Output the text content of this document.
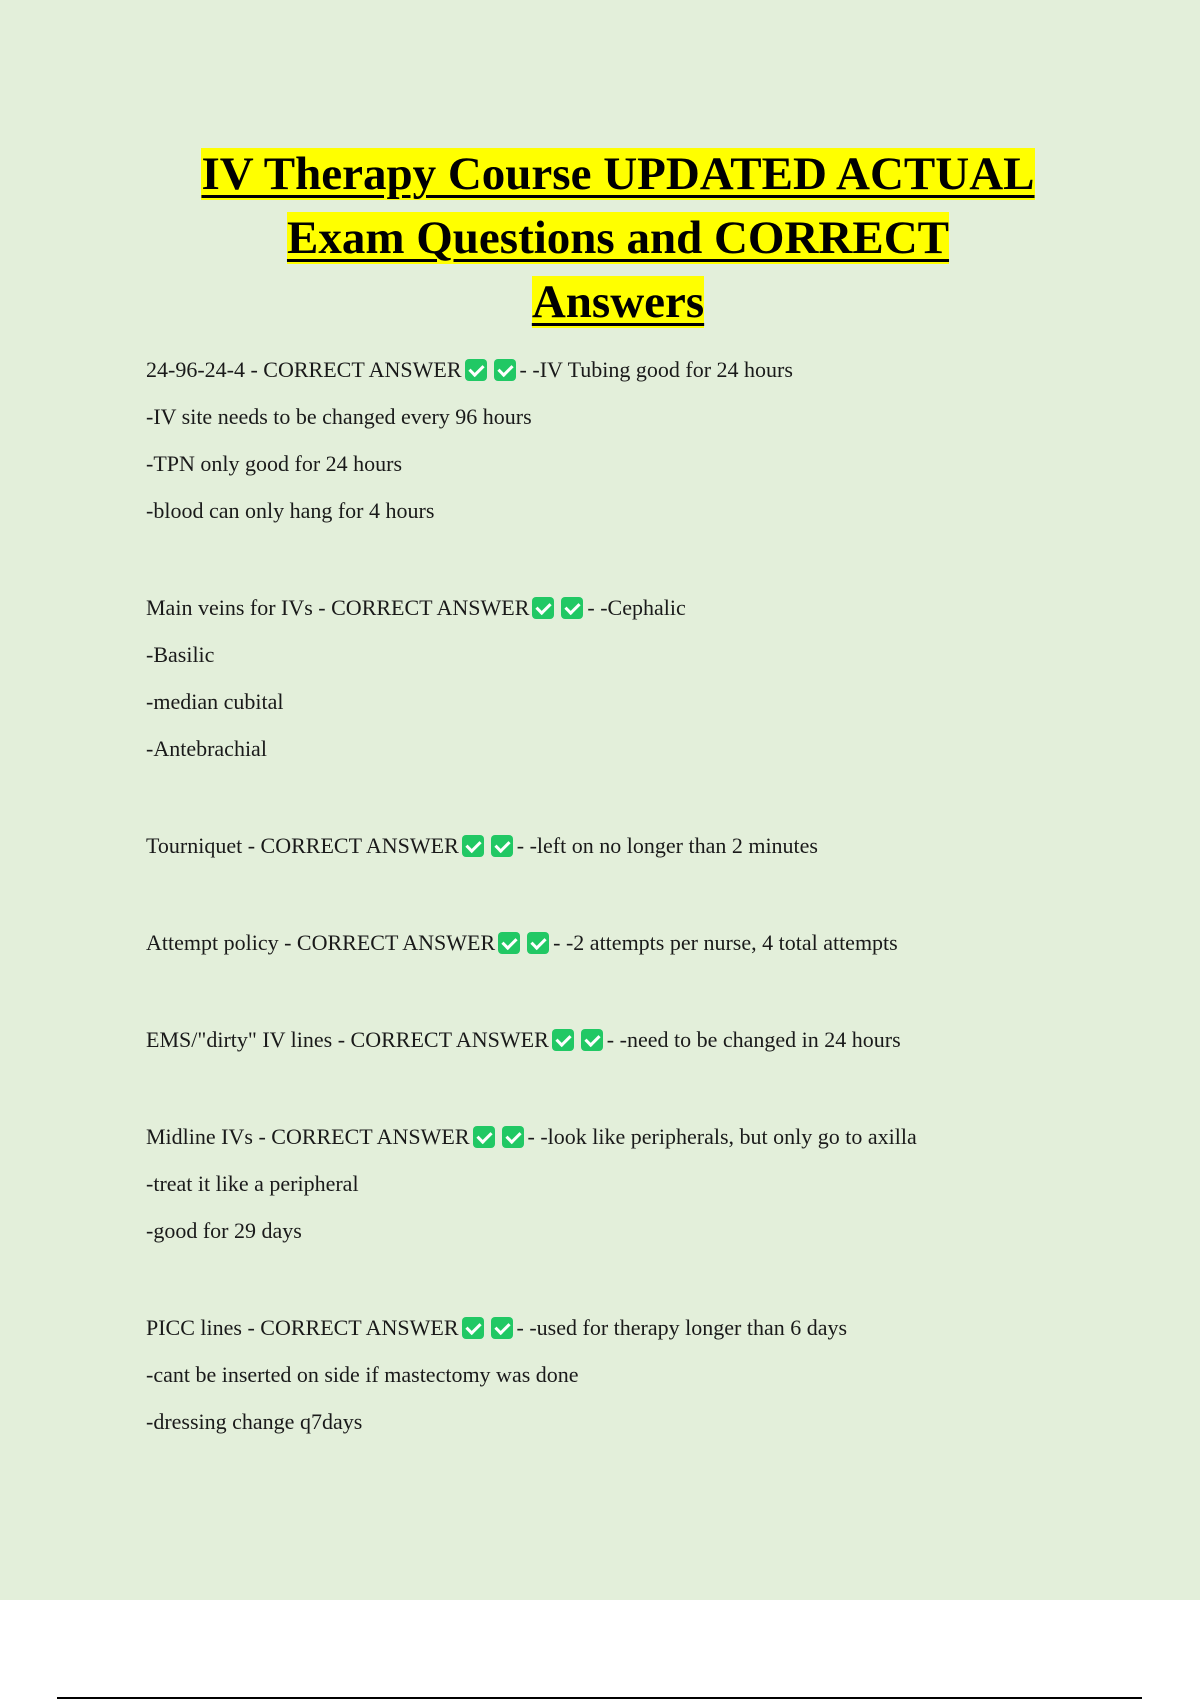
IV Therapy Course UPDATED ACTUAL
Exam Questions and CORRECT
Answers
24-96-24-4 - CORRECT ANSWER	- -IV Tubing good for 24 hours
-IV site needs to be changed every 96 hours
-TPN only good for 24 hours
-blood can only hang for 4 hours
Main veins for IVs - CORRECT ANSWER	- -Cephalic
-Basilic
-median cubital
-Antebrachial
Tourniquet - CORRECT ANSWER	- -left on no longer than 2 minutes
Attempt policy - CORRECT ANSWER	- -2 attempts per nurse, 4 total attempts
EMS/"dirty" IV lines - CORRECT ANSWER	- -need to be changed in 24 hours
Midline IVs - CORRECT ANSWER	- -look like peripherals, but only go to axilla
-treat it like a peripheral
-good for 29 days
PICC lines - CORRECT ANSWER	- -used for therapy longer than 6 days
-cant be inserted on side if mastectomy was done
-dressing change q7days
